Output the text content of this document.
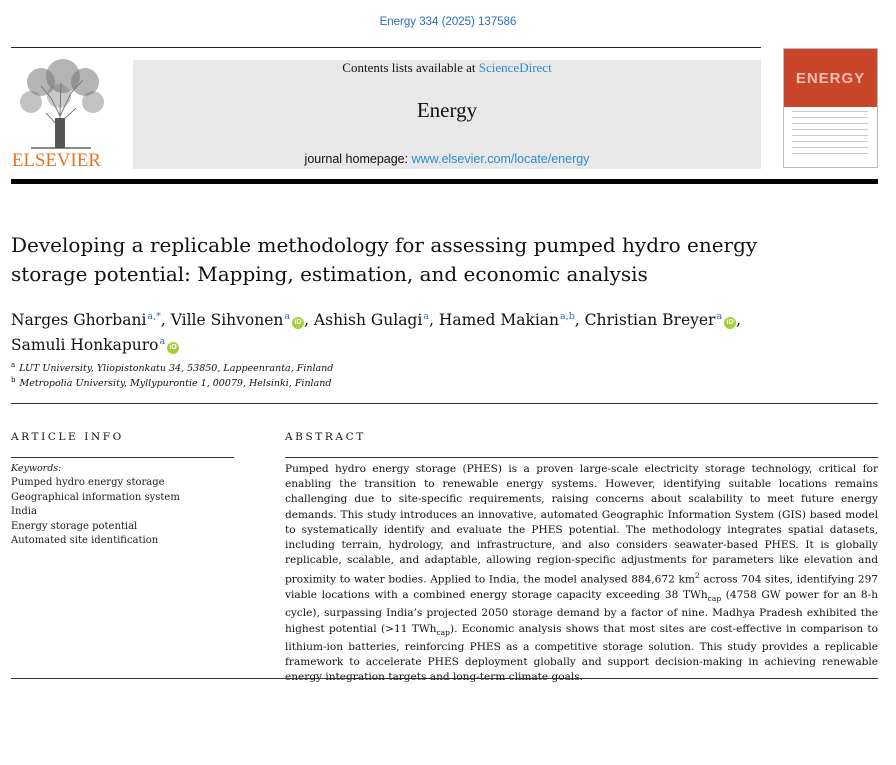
Energy 334 (2025) 137586
ELSEVIER
Contents lists available at ScienceDirect
Energy
journal homepage: www.elsevier.com/locate/energy
ENERGY
Developing a replicable methodology for assessing pumped hydro energy storage potential: Mapping, estimation, and economic analysis
Narges Ghorbani$^{a,*}$, Ville Sihvonen$^a$iD , Ashish Gulagi$^a$, Hamed Makian$^{a,b}$, Christian Breyer$^a$iD ,
Samuli Honkapuro$^a$iD
$^a$ LUT University, Yliopistonkatu 34, 53850, Lappeenranta, Finland
$^b$ Metropolia University, Myllypurontie 1, 00079, Helsinki, Finland
ARTICLE INFO
Keywords:
Pumped hydro energy storage
Geographical information system
India
Energy storage potential
Automated site identification
ABSTRACT
Pumped hydro energy storage (PHES) is a proven large-scale electricity storage technology, critical for enabling the transition to renewable energy systems. However, identifying suitable locations remains challenging due to site-specific requirements, raising concerns about scalability to meet future energy demands. This study introduces an innovative, automated Geographic Information System (GIS) based model to systematically identify and evaluate the PHES potential. The methodology integrates spatial datasets, including terrain, hydrology, and infrastructure, and also considers seawater-based PHES. It is globally replicable, scalable, and adaptable, allowing region-specific adjustments for parameters like elevation and proximity to water bodies. Applied to India, the model analysed 884,672 $km^2$ across 704 sites, identifying 297 viable locations with a combined energy storage capacity exceeding 38 TWh$_{cap}$ (4758 GW power for an 8-h cycle), surpassing India’s projected 2050 storage demand by a factor of nine. Madhya Pradesh exhibited the highest potential (>11 TWh$_{cap}$). Economic analysis shows that most sites are cost-effective in comparison to lithium-ion batteries, reinforcing PHES as a competitive storage solution. This study provides a replicable framework to accelerate PHES deployment globally and support decision-making in achieving renewable
